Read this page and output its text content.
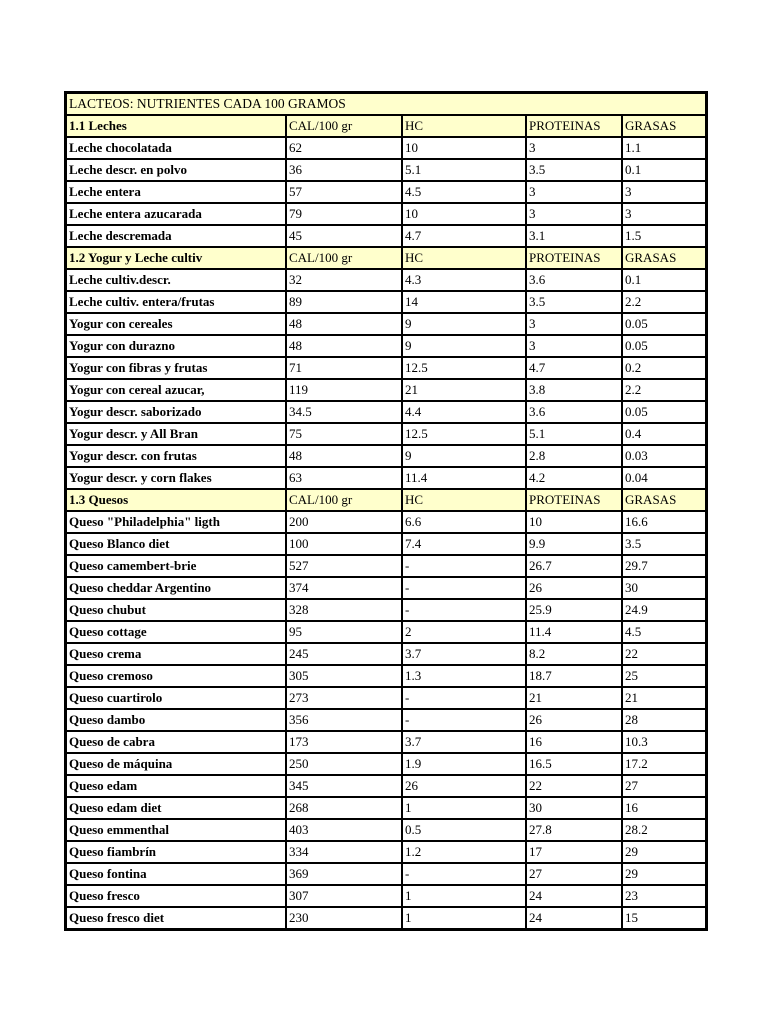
LACTEOS: NUTRIENTES CADA 100 GRAMOS				
1.1 Leches	CAL/100 gr	HC	PROTEINAS	GRASAS
Leche chocolatada	62	10	3	1.1
Leche descr. en polvo	36	5.1	3.5	0.1
Leche entera	57	4.5	3	3
Leche entera azucarada	79	10	3	3
Leche descremada	45	4.7	3.1	1.5
1.2 Yogur y Leche cultiv	CAL/100 gr	HC	PROTEINAS	GRASAS
Leche cultiv.descr.	32	4.3	3.6	0.1
Leche cultiv. entera/frutas	89	14	3.5	2.2
Yogur con cereales	48	9	3	0.05
Yogur con durazno	48	9	3	0.05
Yogur con fibras y frutas	71	12.5	4.7	0.2
Yogur con cereal azucar,	119	21	3.8	2.2
Yogur descr. saborizado	34.5	4.4	3.6	0.05
Yogur descr. y All Bran	75	12.5	5.1	0.4
Yogur descr. con frutas	48	9	2.8	0.03
Yogur descr. y corn flakes	63	11.4	4.2	0.04
1.3 Quesos	CAL/100 gr	HC	PROTEINAS	GRASAS
Queso "Philadelphia" ligth	200	6.6	10	16.6
Queso Blanco diet	100	7.4	9.9	3.5
Queso camembert-brie	527	-	26.7	29.7
Queso cheddar Argentino	374	-	26	30
Queso chubut	328	-	25.9	24.9
Queso cottage	95	2	11.4	4.5
Queso crema	245	3.7	8.2	22
Queso cremoso	305	1.3	18.7	25
Queso cuartirolo	273	-	21	21
Queso dambo	356	-	26	28
Queso de cabra	173	3.7	16	10.3
Queso de máquina	250	1.9	16.5	17.2
Queso edam	345	26	22	27
Queso edam diet	268	1	30	16
Queso emmenthal	403	0.5	27.8	28.2
Queso fiambrín	334	1.2	17	29
Queso fontina	369	-	27	29
Queso fresco	307	1	24	23
Queso fresco diet	230	1	24	15
